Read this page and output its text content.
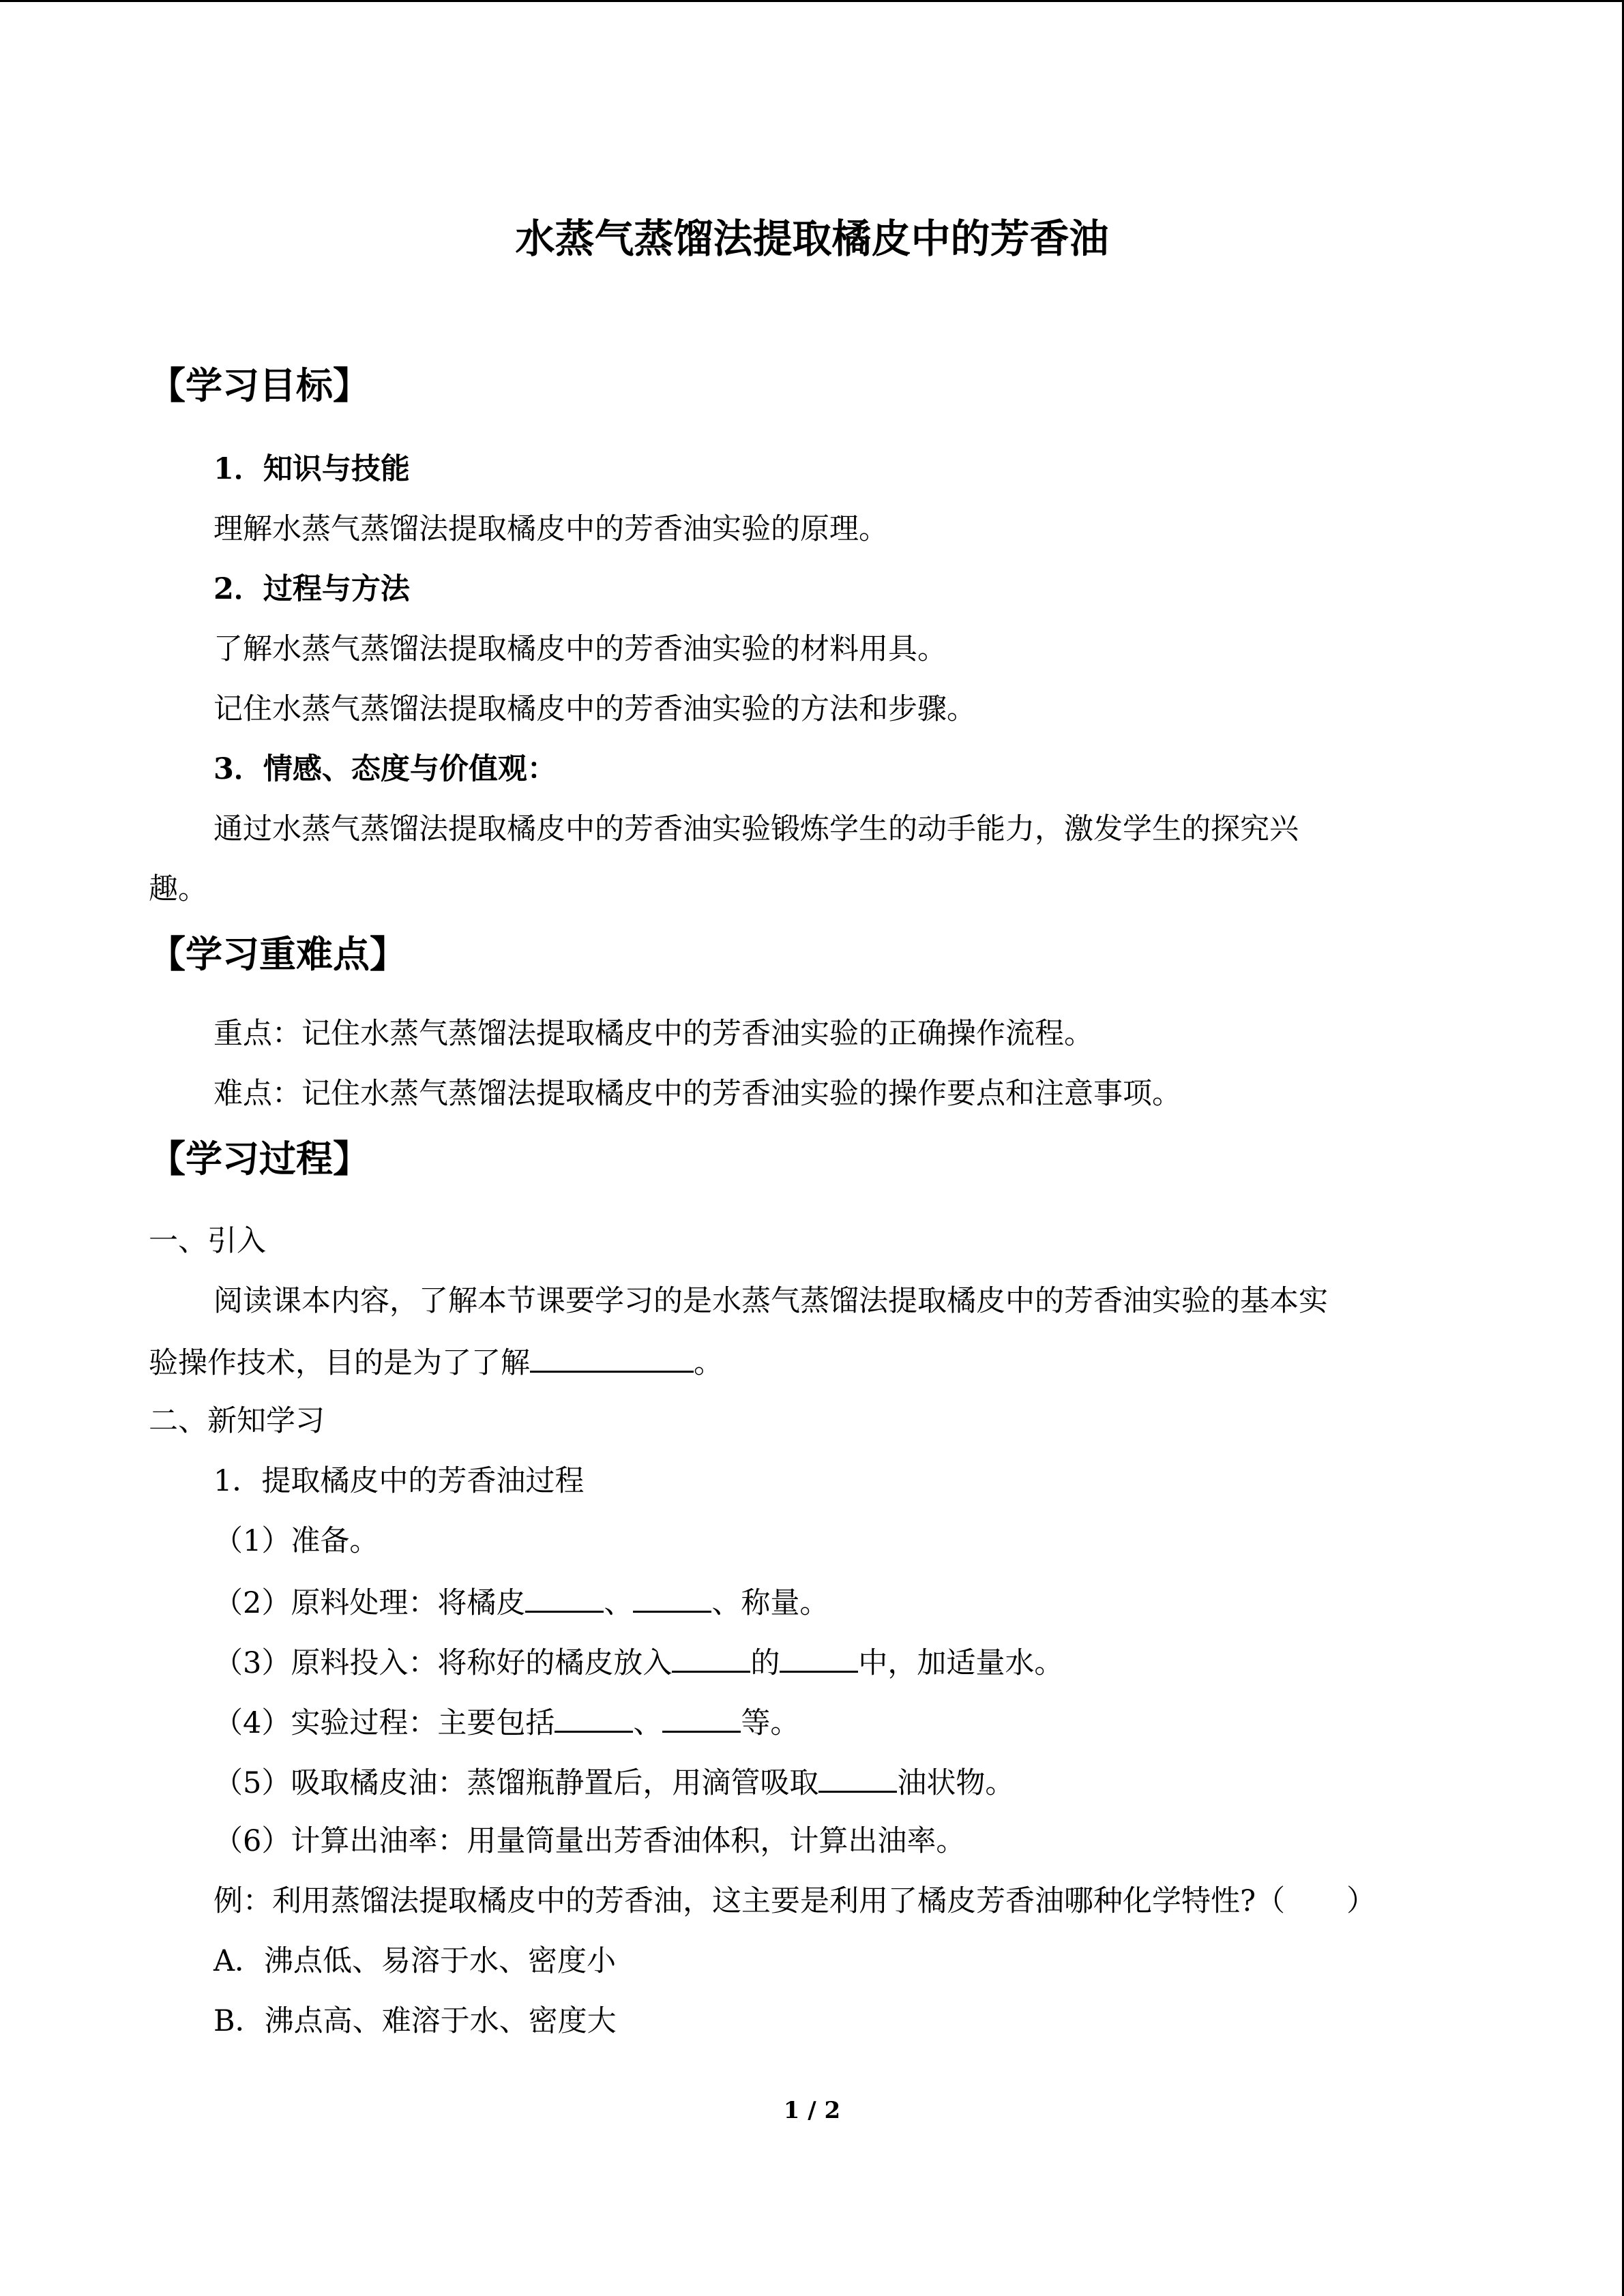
水蒸气蒸馏法提取橘皮中的芳香油
【学习目标】
1．知识与技能
理解水蒸气蒸馏法提取橘皮中的芳香油实验的原理。
2．过程与方法
了解水蒸气蒸馏法提取橘皮中的芳香油实验的材料用具。
记住水蒸气蒸馏法提取橘皮中的芳香油实验的方法和步骤。
3．情感、态度与价值观：
通过水蒸气蒸馏法提取橘皮中的芳香油实验锻炼学生的动手能力，激发学生的探究兴
趣。
【学习重难点】
重点：记住水蒸气蒸馏法提取橘皮中的芳香油实验的正确操作流程。
难点：记住水蒸气蒸馏法提取橘皮中的芳香油实验的操作要点和注意事项。
【学习过程】
一、引入
阅读课本内容，了解本节课要学习的是水蒸气蒸馏法提取橘皮中的芳香油实验的基本实
验操作技术，目的是为了了解	。
二、新知学习
1．提取橘皮中的芳香油过程
（1）准备。
（2）原料处理：将橘皮	、	、称量。
（3）原料投入：将称好的橘皮放入	的	中，加适量水。
（4）实验过程：主要包括	、	等。
（5）吸取橘皮油：蒸馏瓶静置后，用滴管吸取	油状物。
（6）计算出油率：用量筒量出芳香油体积，计算出油率。
例：利用蒸馏法提取橘皮中的芳香油，这主要是利用了橘皮芳香油哪种化学特性?（ ）
A．沸点低、易溶于水、密度小
B．沸点高、难溶于水、密度大
1 / 2
